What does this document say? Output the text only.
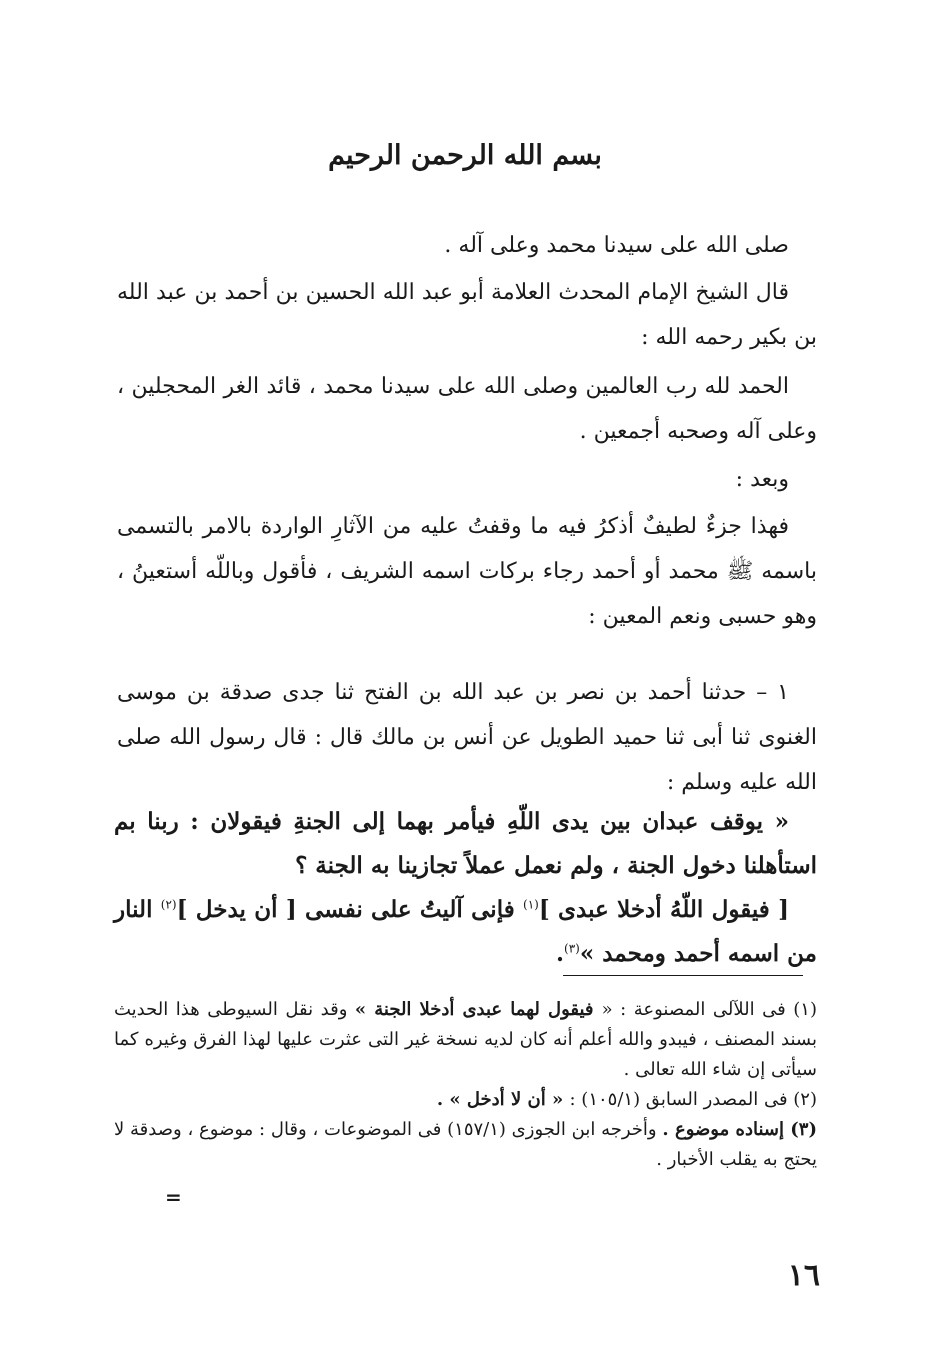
بسم الله الرحمن الرحيم
صلى الله على سيدنا محمد وعلى آله .
قال الشيخ الإمام المحدث العلامة أبو عبد الله الحسين بن أحمد بن عبد الله بن بكير رحمه الله :
الحمد لله رب العالمين وصلى الله على سيدنا محمد ، قائد الغر المحجلين ، وعلى آله وصحبه أجمعين .
وبعد :
فهذا جزءٌ لطيفٌ أذكرُ فيه ما وقفتُ عليه من الآثارِ الواردة بالامر بالتسمى باسمه ﷺ محمد أو أحمد رجاء بركات اسمه الشريف ، فأقول وباللّه أستعينُ ، وهو حسبى ونعم المعين :
١ – حدثنا أحمد بن نصر بن عبد الله بن الفتح ثنا جدى صدقة بن موسى الغنوى ثنا أبى ثنا حميد الطويل عن أنس بن مالك قال : قال رسول الله صلى الله عليه وسلم :
« يوقف عبدان بين يدى اللّهِ فيأمر بهما إلى الجنةِ فيقولان : ربنا بم استأهلنا دخول الجنة ، ولم نعمل عملاً تجازينا به الجنة ؟
[ فيقول اللّهُ أدخلا عبدى ]$^{(١)}$ فإنى آليتُ على نفسى [ أن يدخل ]$^{(٢)}$ النار من اسمه أحمد ومحمد »$^{(٣)}$.

(١) فى اللآلى المصنوعة : « فيقول لهما عبدى أدخلا الجنة » وقد نقل السيوطى هذا الحديث بسند المصنف ، فيبدو والله أعلم أنه كان لديه نسخة غير التى عثرت عليها لهذا الفرق وغيره كما سيأتى إن شاء الله تعالى .

(٢) فى المصدر السابق (١٠٥/١) : « أن لا أدخل » .

(٣) إسناده موضوع . وأخرجه ابن الجوزى (١٥٧/١) فى الموضوعات ، وقال : موضوع ، وصدقة لا يحتج به يقلب الأخبار .

=
١٦
